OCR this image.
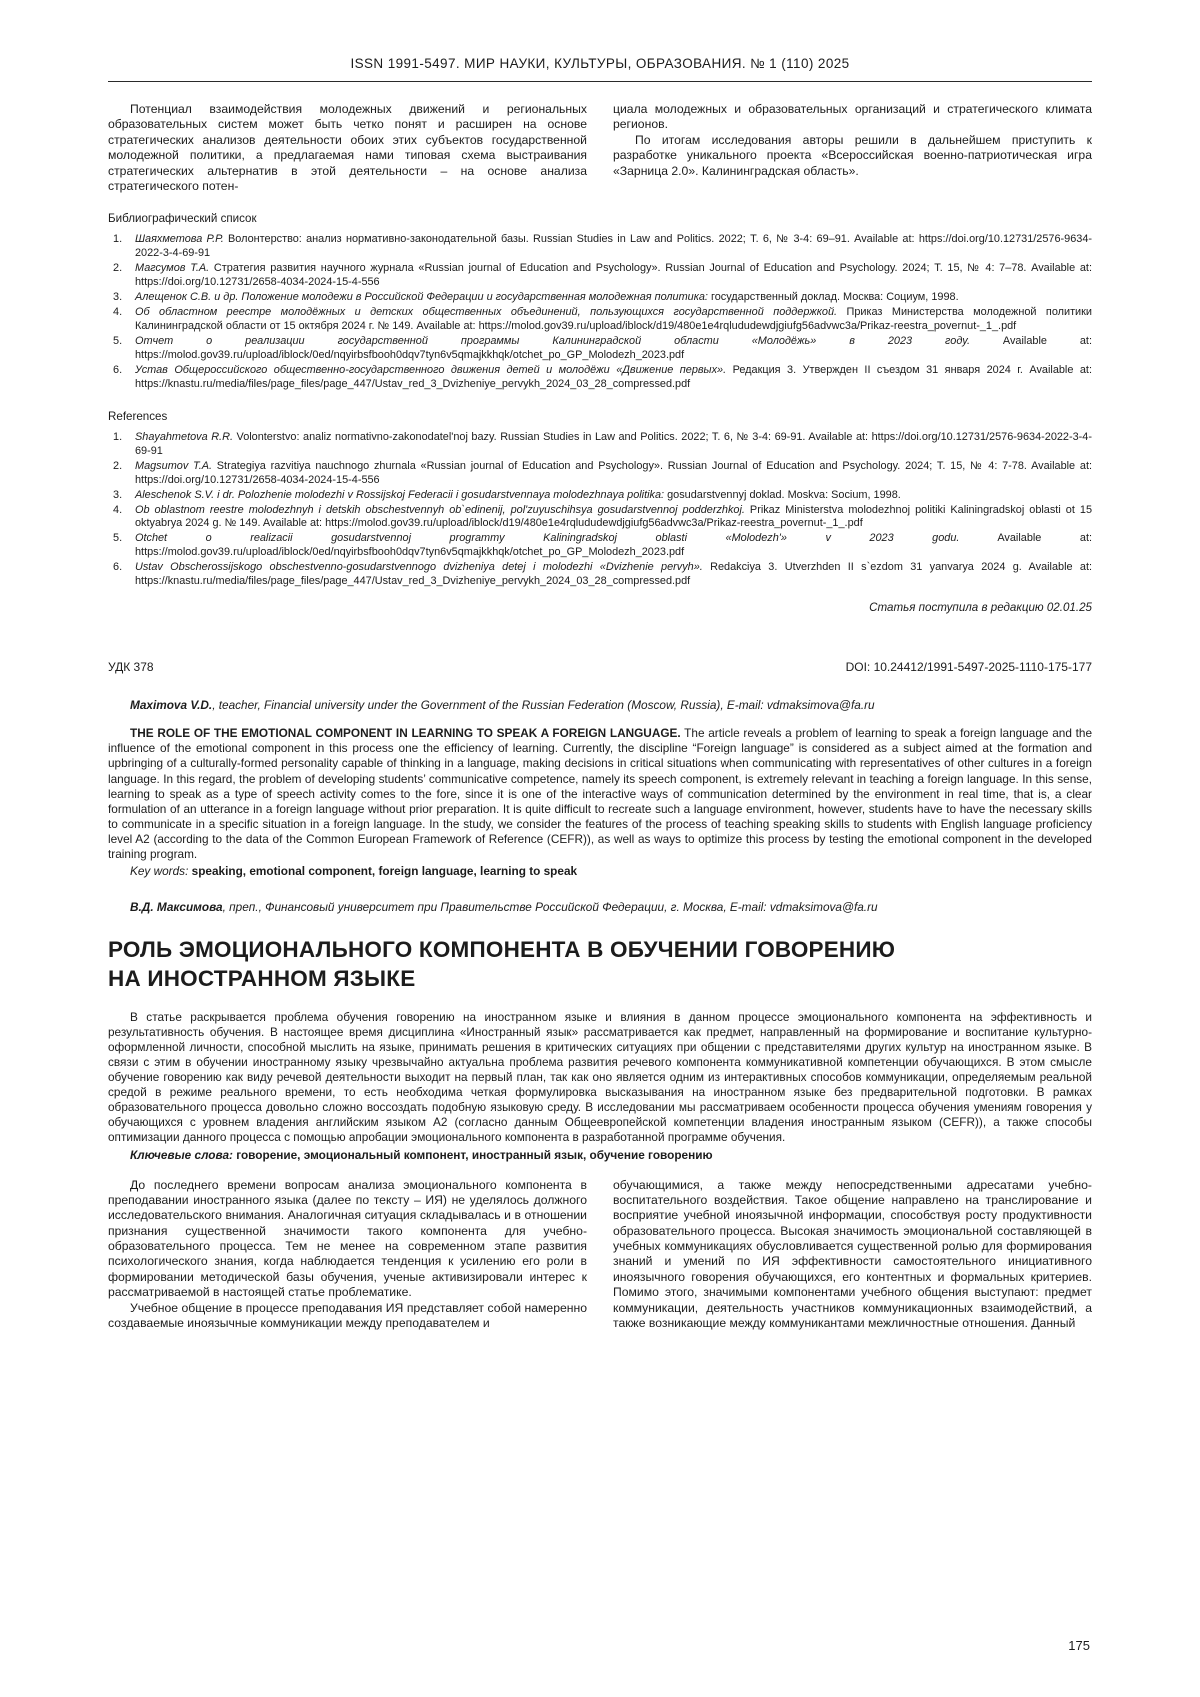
ISSN 1991-5497. МИР НАУКИ, КУЛЬТУРЫ, ОБРАЗОВАНИЯ. № 1 (110) 2025

Потенциал взаимодействия молодежных движений и региональных образовательных систем может быть четко понят и расширен на основе стратегических анализов деятельности обоих этих субъектов государственной молодежной политики, а предлагаемая нами типовая схема выстраивания стратегических альтернатив в этой деятельности – на основе анализа стратегического потен-

циала молодежных и образовательных организаций и стратегического климата регионов.

По итогам исследования авторы решили в дальнейшем приступить к разработке уникального проекта «Всероссийская военно-патриотическая игра «Зарница 2.0». Калининградская область».

Библиографический список
Шаяхметова Р.Р. Волонтерство: анализ нормативно-законодательной базы. Russian Studies in Law and Politics. 2022; Т. 6, № 3-4: 69–91. Available at: https://doi.org/10.12731/2576-9634-2022-3-4-69-91
Магсумов Т.А. Стратегия развития научного журнала «Russian journal of Education and Psychology». Russian Journal of Education and Psychology. 2024; Т. 15, № 4: 7–78. Available at: https://doi.org/10.12731/2658-4034-2024-15-4-556
Алещенок С.В. и др. Положение молодежи в Российской Федерации и государственная молодежная политика: государственный доклад. Москва: Социум, 1998.
Об областном реестре молодёжных и детских общественных объединений, пользующихся государственной поддержкой. Приказ Министерства молодежной политики Калининградской области от 15 октября 2024 г. № 149. Available at: https://molod.gov39.ru/upload/iblock/d19/480e1e4rqlududewdjgiufg56advwc3a/Prikaz-reestra_povernut-_1_.pdf
Отчет о реализации государственной программы Калининградской области «Молодёжь» в 2023 году. Available at: https://molod.gov39.ru/upload/iblock/0ed/nqyirbsfbooh0dqv7tyn6v5qmajkkhqk/otchet_po_GP_Molodezh_2023.pdf
Устав Общероссийского общественно-государственного движения детей и молодёжи «Движение первых». Редакция 3. Утвержден II съездом 31 января 2024 г. Available at: https://knastu.ru/media/files/page_files/page_447/Ustav_red_3_Dvizheniye_pervykh_2024_03_28_compressed.pdf
References
Shayahmetova R.R. Volonterstvo: analiz normativno-zakonodatel'noj bazy. Russian Studies in Law and Politics. 2022; T. 6, № 3-4: 69-91. Available at: https://doi.org/10.12731/2576-9634-2022-3-4-69-91
Magsumov T.A. Strategiya razvitiya nauchnogo zhurnala «Russian journal of Education and Psychology». Russian Journal of Education and Psychology. 2024; T. 15, № 4: 7-78. Available at: https://doi.org/10.12731/2658-4034-2024-15-4-556
Aleschenok S.V. i dr. Polozhenie molodezhi v Rossijskoj Federacii i gosudarstvennaya molodezhnaya politika: gosudarstvennyj doklad. Moskva: Socium, 1998.
Ob oblastnom reestre molodezhnyh i detskih obschestvennyh ob`edinenij, pol'zuyuschihsya gosudarstvennoj podderzhkoj. Prikaz Ministerstva molodezhnoj politiki Kaliningradskoj oblasti ot 15 oktyabrya 2024 g. № 149. Available at: https://molod.gov39.ru/upload/iblock/d19/480e1e4rqlududewdjgiufg56advwc3a/Prikaz-reestra_povernut-_1_.pdf
Otchet o realizacii gosudarstvennoj programmy Kaliningradskoj oblasti «Molodezh'» v 2023 godu. Available at: https://molod.gov39.ru/upload/iblock/0ed/nqyirbsfbooh0dqv7tyn6v5qmajkkhqk/otchet_po_GP_Molodezh_2023.pdf
Ustav Obscherossijskogo obschestvenno-gosudarstvennogo dvizheniya detej i molodezhi «Dvizhenie pervyh». Redakciya 3. Utverzhden II s`ezdom 31 yanvarya 2024 g. Available at: https://knastu.ru/media/files/page_files/page_447/Ustav_red_3_Dvizheniye_pervykh_2024_03_28_compressed.pdf
Статья поступила в редакцию 02.01.25
УДК 378	DOI: 10.24412/1991-5497-2025-1110-175-177

Maximova V.D., teacher, Financial university under the Government of the Russian Federation (Moscow, Russia), E-mail: vdmaksimova@fa.ru

THE ROLE OF THE EMOTIONAL COMPONENT IN LEARNING TO SPEAK A FOREIGN LANGUAGE. The article reveals a problem of learning to speak a foreign language and the influence of the emotional component in this process one the efficiency of learning. Currently, the discipline “Foreign language” is considered as a subject aimed at the formation and upbringing of a culturally-formed personality capable of thinking in a language, making decisions in critical situations when communicating with representatives of other cultures in a foreign language. In this regard, the problem of developing students’ communicative competence, namely its speech component, is extremely relevant in teaching a foreign language. In this sense, learning to speak as a type of speech activity comes to the fore, since it is one of the interactive ways of communication determined by the environment in real time, that is, a clear formulation of an utterance in a foreign language without prior preparation. It is quite difficult to recreate such a language environment, however, students have to have the necessary skills to communicate in a specific situation in a foreign language. In the study, we consider the features of the process of teaching speaking skills to students with English language proficiency level A2 (according to the data of the Common European Framework of Reference (CEFR)), as well as ways to optimize this process by testing the emotional component in the developed training program.

Key words: speaking, emotional component, foreign language, learning to speak

В.Д. Максимова, преп., Финансовый университет при Правительстве Российской Федерации, г. Москва, E-mail: vdmaksimova@fa.ru

РОЛЬ ЭМОЦИОНАЛЬНОГО КОМПОНЕНТА В ОБУЧЕНИИ ГОВОРЕНИЮ
НА ИНОСТРАННОМ ЯЗЫКЕ

В статье раскрывается проблема обучения говорению на иностранном языке и влияния в данном процессе эмоционального компонента на эффективность и результативность обучения. В настоящее время дисциплина «Иностранный язык» рассматривается как предмет, направленный на формирование и воспитание культурно-оформленной личности, способной мыслить на языке, принимать решения в критических ситуациях при общении с представителями других культур на иностранном языке. В связи с этим в обучении иностранному языку чрезвычайно актуальна проблема развития речевого компонента коммуникативной компетенции обучающихся. В этом смысле обучение говорению как виду речевой деятельности выходит на первый план, так как оно является одним из интерактивных способов коммуникации, определяемым реальной средой в режиме реального времени, то есть необходима четкая формулировка высказывания на иностранном языке без предварительной подготовки. В рамках образовательного процесса довольно сложно воссоздать подобную языковую среду. В исследовании мы рассматриваем особенности процесса обучения умениям говорения у обучающихся с уровнем владения английским языком А2 (согласно данным Общеевропейской компетенции владения иностранным языком (CEFR)), а также способы оптимизации данного процесса с помощью апробации эмоционального компонента в разработанной программе обучения.

Ключевые слова: говорение, эмоциональный компонент, иностранный язык, обучение говорению

До последнего времени вопросам анализа эмоционального компонента в преподавании иностранного языка (далее по тексту – ИЯ) не уделялось должного исследовательского внимания. Аналогичная ситуация складывалась и в отношении признания существенной значимости такого компонента для учебно-образовательного процесса. Тем не менее на современном этапе развития психологического знания, когда наблюдается тенденция к усилению его роли в формировании методической базы обучения, ученые активизировали интерес к рассматриваемой в настоящей статье проблематике.

Учебное общение в процессе преподавания ИЯ представляет собой намеренно создаваемые иноязычные коммуникации между преподавателем и

обучающимися, а также между непосредственными адресатами учебно-воспитательного воздействия. Такое общение направлено на транслирование и восприятие учебной иноязычной информации, способствуя росту продуктивности образовательного процесса. Высокая значимость эмоциональной составляющей в учебных коммуникациях обусловливается существенной ролью для формирования знаний и умений по ИЯ эффективности самостоятельного инициативного иноязычного говорения обучающихся, его контентных и формальных критериев. Помимо этого, значимыми компонентами учебного общения выступают: предмет коммуникации, деятельность участников коммуникационных взаимодействий, а также возникающие между коммуникантами межличностные отношения. Данный

175
